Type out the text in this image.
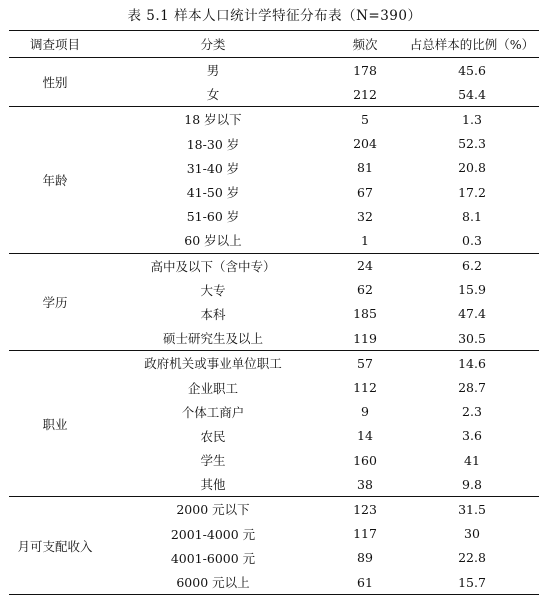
表 5.1 样本人口统计学特征分布表（N=390）
调查项目	分类	频次	占总样本的比例（%）
性别	男	178	45.6
	女	212	54.4
年龄	18 岁以下	5	1.3
	18-30 岁	204	52.3
	31-40 岁	81	20.8
	41-50 岁	67	17.2
	51-60 岁	32	8.1
	60 岁以上	1	0.3
学历	高中及以下（含中专）	24	6.2
	大专	62	15.9
	本科	185	47.4
	硕士研究生及以上	119	30.5
职业	政府机关或事业单位职工	57	14.6
	企业职工	112	28.7
	个体工商户	9	2.3
	农民	14	3.6
	学生	160	41
	其他	38	9.8
月可支配收入	2000 元以下	123	31.5
	2001-4000 元	117	30
	4001-6000 元	89	22.8
	6000 元以上	61	15.7
